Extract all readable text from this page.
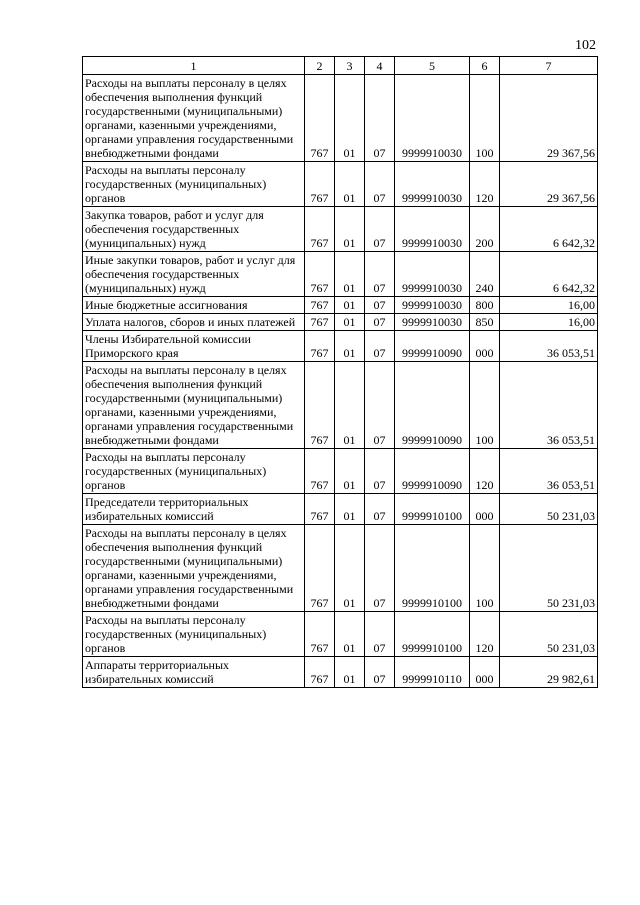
102
1	2	3	4	5	6	7
Расходы на выплаты персоналу в целях обеспечения выполнения функций государственными (муниципальными) органами, казенными учреждениями, органами управления государственными внебюджетными фондами	767	01	07	9999910030	100	29 367,56
Расходы на выплаты персоналу государственных (муниципальных) органов	767	01	07	9999910030	120	29 367,56
Закупка товаров, работ и услуг для обеспечения государственных (муниципальных) нужд	767	01	07	9999910030	200	6 642,32
Иные закупки товаров, работ и услуг для обеспечения государственных (муниципальных) нужд	767	01	07	9999910030	240	6 642,32
Иные бюджетные ассигнования	767	01	07	9999910030	800	16,00
Уплата налогов, сборов и иных платежей	767	01	07	9999910030	850	16,00
Члены Избирательной комиссии Приморского края	767	01	07	9999910090	000	36 053,51
Расходы на выплаты персоналу в целях обеспечения выполнения функций государственными (муниципальными) органами, казенными учреждениями, органами управления государственными внебюджетными фондами	767	01	07	9999910090	100	36 053,51
Расходы на выплаты персоналу государственных (муниципальных) органов	767	01	07	9999910090	120	36 053,51
Председатели территориальных избирательных комиссий	767	01	07	9999910100	000	50 231,03
Расходы на выплаты персоналу в целях обеспечения выполнения функций государственными (муниципальными) органами, казенными учреждениями, органами управления государственными внебюджетными фондами	767	01	07	9999910100	100	50 231,03
Расходы на выплаты персоналу государственных (муниципальных) органов	767	01	07	9999910100	120	50 231,03
Аппараты территориальных избирательных комиссий	767	01	07	9999910110	000	29 982,61
